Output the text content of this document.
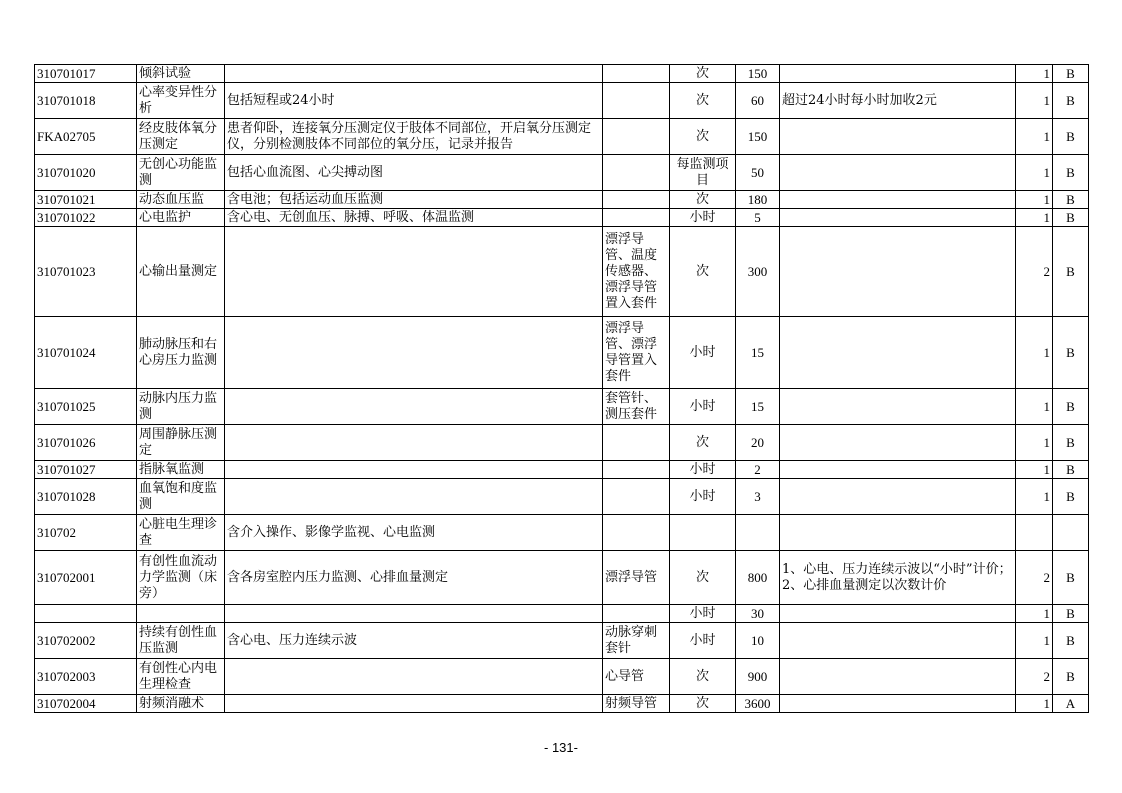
310701017	倾斜试验			次	150		1	B
310701018	心率变异性分析	包括短程或24小时		次	60	超过24小时每小时加收2元	1	B
FKA02705	经皮肢体氧分压测定	患者仰卧，连接氧分压测定仪于肢体不同部位，开启氧分压测定仪，分别检测肢体不同部位的氧分压，记录并报告		次	150		1	B
310701020	无创心功能监测	包括心血流图、心尖搏动图		每监测项目	50		1	B
310701021	动态血压监	含电池；包括运动血压监测		次	180		1	B
310701022	心电监护	含心电、无创血压、脉搏、呼吸、体温监测		小时	5		1	B
310701023	心输出量测定		漂浮导管、温度传感器、漂浮导管置入套件	次	300		2	B
310701024	肺动脉压和右心房压力监测		漂浮导管、漂浮导管置入套件	小时	15		1	B
310701025	动脉内压力监测		套管针、测压套件	小时	15		1	B
310701026	周围静脉压测定			次	20		1	B
310701027	指脉氧监测			小时	2		1	B
310701028	血氧饱和度监测			小时	3		1	B
310702	心脏电生理诊查	含介入操作、影像学监视、心电监测						
310702001	有创性血流动力学监测（床旁）	含各房室腔内压力监测、心排血量测定	漂浮导管	次	800	1、心电、压力连续示波以“小时”计价；2、心排血量测定以次数计价	2	B
				小时	30		1	B
310702002	持续有创性血压监测	含心电、压力连续示波	动脉穿刺套针	小时	10		1	B
310702003	有创性心内电生理检查		心导管	次	900		2	B
310702004	射频消融术		射频导管	次	3600		1	A
- 131-
